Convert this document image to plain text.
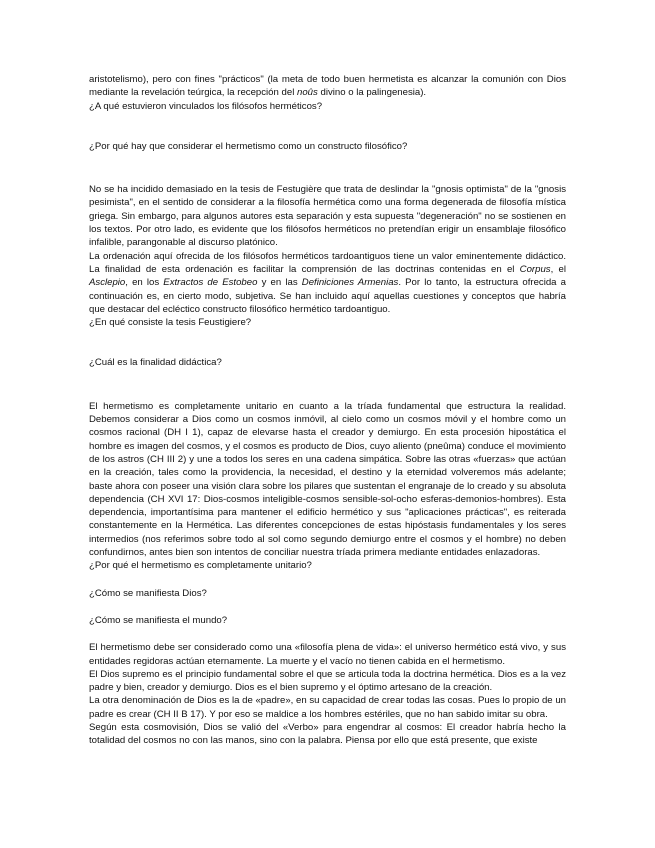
aristotelismo), pero con fines "prácticos" (la meta de todo buen hermetista es alcanzar la comunión con Dios mediante la revelación teúrgica, la recepción del noûs divino o la palingenesia).

¿A qué estuvieron vinculados los filósofos herméticos?

¿Por qué hay que considerar el hermetismo como un constructo filosófico?

No se ha incidido demasiado en la tesis de Festugière que trata de deslindar la "gnosis optimista" de la "gnosis pesimista", en el sentido de considerar a la filosofía hermética como una forma degenerada de filosofía mística griega. Sin embargo, para algunos autores esta separación y esta supuesta "degeneración" no se sostienen en los textos. Por otro lado, es evidente que los filósofos herméticos no pretendían erigir un ensamblaje filosófico infalible, parangonable al discurso platónico.

La ordenación aquí ofrecida de los filósofos herméticos tardoantiguos tiene un valor eminentemente didáctico. La finalidad de esta ordenación es facilitar la comprensión de las doctrinas contenidas en el Corpus, el Asclepio, en los Extractos de Estobeo y en las Definiciones Armenias. Por lo tanto, la estructura ofrecida a continuación es, en cierto modo, subjetiva. Se han incluido aquí aquellas cuestiones y conceptos que habría que destacar del ecléctico constructo filosófico hermético tardoantiguo.

¿En qué consiste la tesis Feustigiere?

¿Cuál es la finalidad didáctica?

El hermetismo es completamente unitario en cuanto a la tríada fundamental que estructura la realidad. Debemos considerar a Dios como un cosmos inmóvil, al cielo como un cosmos móvil y el hombre como un cosmos racional (DH I 1), capaz de elevarse hasta el creador y demiurgo. En esta procesión hipostática el hombre es imagen del cosmos, y el cosmos es producto de Dios, cuyo aliento (pneûma) conduce el movimiento de los astros (CH III 2) y une a todos los seres en una cadena simpática. Sobre las otras «fuerzas» que actúan en la creación, tales como la providencia, la necesidad, el destino y la eternidad volveremos más adelante; baste ahora con poseer una visión clara sobre los pilares que sustentan el engranaje de lo creado y su absoluta dependencia (CH XVI 17: Dios-cosmos inteligible-cosmos sensible-sol-ocho esferas-demonios-hombres). Esta dependencia, importantísima para mantener el edificio hermético y sus "aplicaciones prácticas", es reiterada constantemente en la Hermética. Las diferentes concepciones de estas hipóstasis fundamentales y los seres intermedios (nos referimos sobre todo al sol como segundo demiurgo entre el cosmos y el hombre) no deben confundirnos, antes bien son intentos de conciliar nuestra tríada primera mediante entidades enlazadoras.

¿Por qué el hermetismo es completamente unitario?

¿Cómo se manifiesta Dios?

¿Cómo se manifiesta el mundo?

El hermetismo debe ser considerado como una «filosofía plena de vida»: el universo hermético está vivo, y sus entidades regidoras actúan eternamente. La muerte y el vacío no tienen cabida en el hermetismo.

El Dios supremo es el principio fundamental sobre el que se articula toda la doctrina hermética. Dios es a la vez padre y bien, creador y demiurgo. Dios es el bien supremo y el óptimo artesano de la creación.

La otra denominación de Dios es la de «padre», en su capacidad de crear todas las cosas. Pues lo propio de un padre es crear (CH II B 17). Y por eso se maldice a los hombres estériles, que no han sabido imitar su obra.

Según esta cosmovisión, Dios se valió del «Verbo» para engendrar al cosmos: El creador habría hecho la totalidad del cosmos no con las manos, sino con la palabra. Piensa por ello que está presente, que existe
